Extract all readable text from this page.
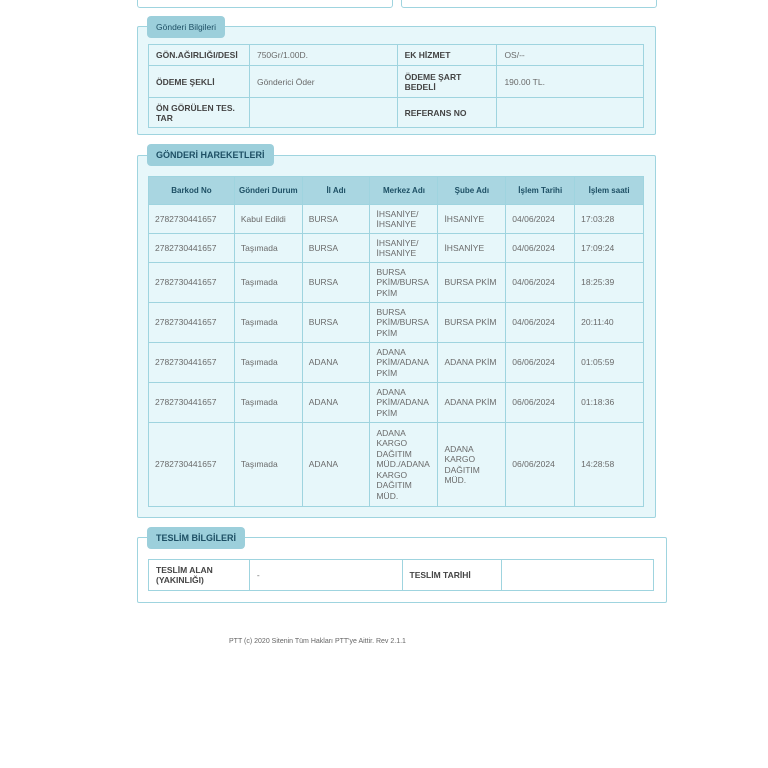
Gönderi Bilgileri
GÖN.AĞIRLIĞI/DESİ	750Gr/1.00D.	EK HİZMET	OS/--
ÖDEME ŞEKLİ	Gönderici Öder	ÖDEME ŞART BEDELİ	190.00 TL.
ÖN GÖRÜLEN TES. TAR		REFERANS NO	
GÖNDERİ HAREKETLERİ
Barkod No	Gönderi Durum	İl Adı	Merkez Adı	Şube Adı	İşlem Tarihi	İşlem saati
2782730441657	Kabul Edildi	BURSA	İHSANİYE/ İHSANİYE	İHSANİYE	04/06/2024	17:03:28
2782730441657	Taşımada	BURSA	İHSANİYE/ İHSANİYE	İHSANİYE	04/06/2024	17:09:24
2782730441657	Taşımada	BURSA	BURSA PKİM/BURSA PKİM	BURSA PKİM	04/06/2024	18:25:39
2782730441657	Taşımada	BURSA	BURSA PKİM/BURSA PKİM	BURSA PKİM	04/06/2024	20:11:40
2782730441657	Taşımada	ADANA	ADANA PKİM/ADANA PKİM	ADANA PKİM	06/06/2024	01:05:59
2782730441657	Taşımada	ADANA	ADANA PKİM/ADANA PKİM	ADANA PKİM	06/06/2024	01:18:36
2782730441657	Taşımada	ADANA	ADANA KARGO DAĞITIM MÜD./ADANA KARGO DAĞITIM MÜD.	ADANA KARGO DAĞITIM MÜD.	06/06/2024	14:28:58
TESLİM BİLGİLERİ
TESLİM ALAN (YAKINLIĞI)	-	TESLİM TARİHİ	
PTT (c) 2020 Sitenin Tüm Hakları PTT'ye Aittir. Rev 2.1.1
